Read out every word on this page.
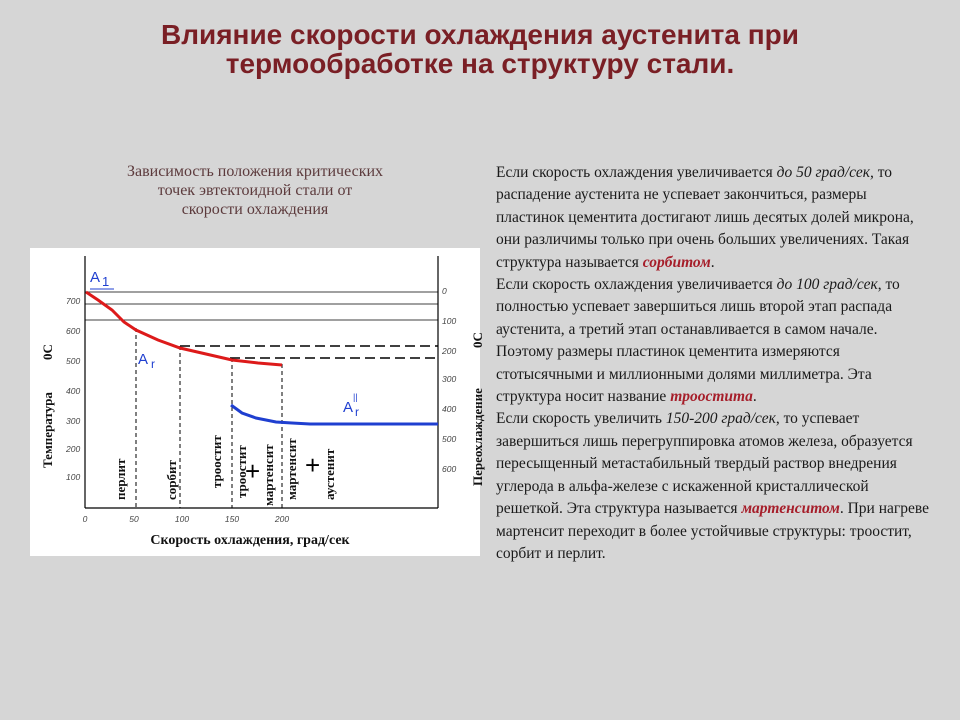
Влияние скорости охлаждения аустенита при
термообработке на структуру стали.
Зависимость положения критических
точек эвтектоидной стали от
скорости охлаждения
700
600
500
400
300
200
100
0
100
200
300
400
500
600
0	50	100	150	200
Скорость охлаждения, град/сек
Температура
0С
Переохлаждение
0С
A 1
A r
A
||
r
перлит	сорбит троостит троостит мартенсит мартенсит аустенит
+ +

Если скорость охлаждения увеличивается до 50 град/сек, то распадение аустенита не успевает закончиться, размеры пластинок цементита достигают лишь десятых долей микрона, они различимы только при очень больших увеличениях. Такая структура называется сорбитом.

Если скорость охлаждения увеличивается до 100 град/сек, то полностью успевает завершиться лишь второй этап распада аустенита, а третий этап останавливается в самом начале. Поэтому размеры пластинок цементита измеряются стотысячными и миллионными долями миллиметра. Эта структура носит название троостита.

Если скорость увеличить 150-200 град/сек, то успевает завершиться лишь перегруппировка атомов железа, образуется пересыщенный метастабильный твердый раствор внедрения углерода в альфа-железе с искаженной кристаллической решеткой. Эта структура называется мартенситом. При нагреве мартенсит переходит в более устойчивые структуры: троостит, сорбит и перлит.
